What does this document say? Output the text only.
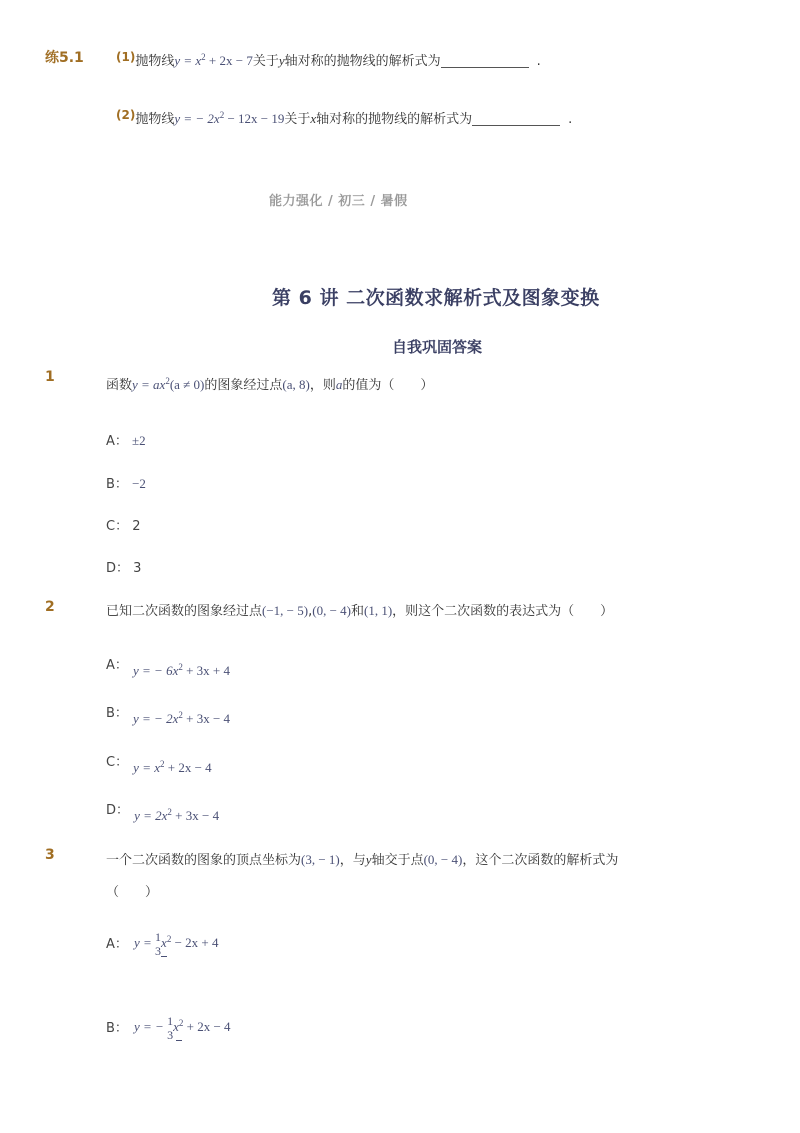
练5.1	(1)抛物线$y = x^2 + 2x - 7$关于y轴对称的抛物线的解析式为	.
(2)抛物线y = − $2x^2 - 12x - 19$关于x轴对称的抛物线的解析式为	.
能力强化 / 初三 / 暑假
第 6 讲 二次函数求解析式及图象变换
自我巩固答案
1
函数$y = ax^2(a \ne 0)$的图象经过点(a, 8)，则a的值为（　　）
A： ±2
B： −2
C： 2
D： 3
2	已知二次函数的图象经过点(−1, − 5),(0, − 4)和(1, 1)，则这个二次函数的表达式为（　　）
$^{A:}$ y = − $6x^2 + 3x + 4$
$^{B:}$ y = − $2x^2 + 3x - 4$
$^{C:}$ $y = x^2 + 2x - 4$
$^{D:}$ $y = 2x^2 + 3x - 4$
3	一个二次函数的图象的顶点坐标为(3, − 1)，与y轴交于点(0, − 4)，这个二次函数的解析式为
（　　）
A： y = 1
3
$x^2 - 2x + 4$
B： y = − 1
3
$x^2 + 2x - 4$
